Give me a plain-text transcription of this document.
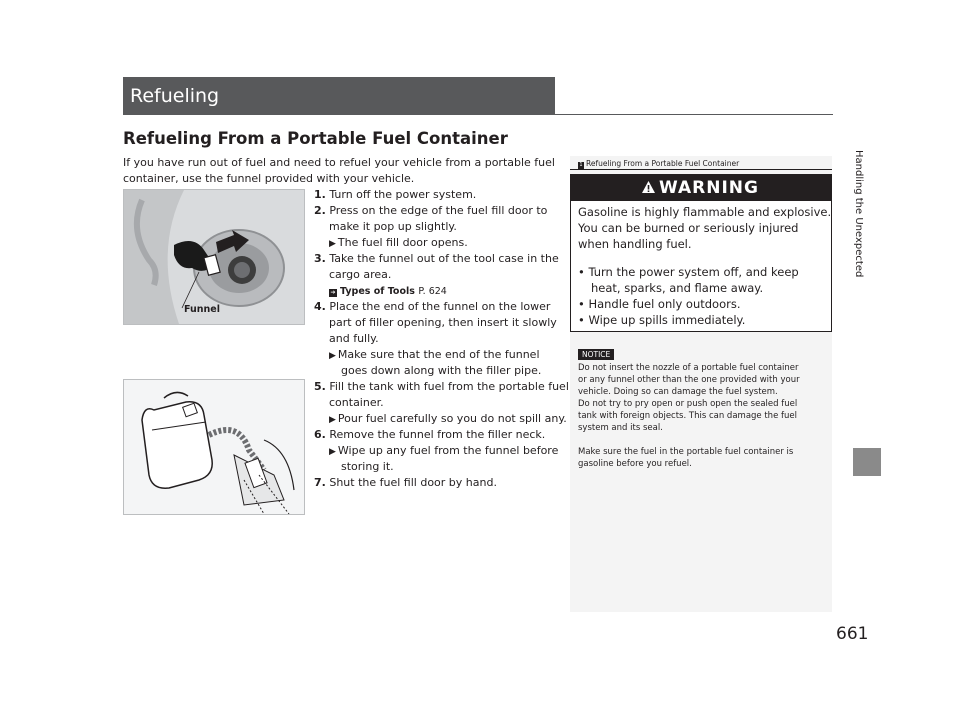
Refueling
Refueling From a Portable Fuel Container
If you have run out of fuel and need to refuel your vehicle from a portable fuel
container, use the funnel provided with your vehicle.
Funnel
1. Turn off the power system.
2. Press on the edge of the fuel fill door to
make it pop up slightly.
▶ The fuel fill door opens.
3. Take the funnel out of the tool case in the
cargo area.
➔ Types of Tools P. 624
4. Place the end of the funnel on the lower
part of filler opening, then insert it slowly
and fully.
▶ Make sure that the end of the funnel
goes down along with the filler pipe.
5. Fill the tank with fuel from the portable fuel
container.
▶ Pour fuel carefully so you do not spill any.
6. Remove the funnel from the filler neck.
▶ Wipe up any fuel from the funnel before
storing it.
7. Shut the fuel fill door by hand.
1 Refueling From a Portable Fuel Container
WARNING
Gasoline is highly flammable and explosive.
You can be burned or seriously injured
when handling fuel.
• Turn the power system off, and keep
heat, sparks, and flame away.
• Handle fuel only outdoors.
• Wipe up spills immediately.
NOTICE
Do not insert the nozzle of a portable fuel container
or any funnel other than the one provided with your
vehicle. Doing so can damage the fuel system.
Do not try to pry open or push open the sealed fuel
tank with foreign objects. This can damage the fuel
system and its seal.
Make sure the fuel in the portable fuel container is
gasoline before you refuel.
Handling the Unexpected
661
